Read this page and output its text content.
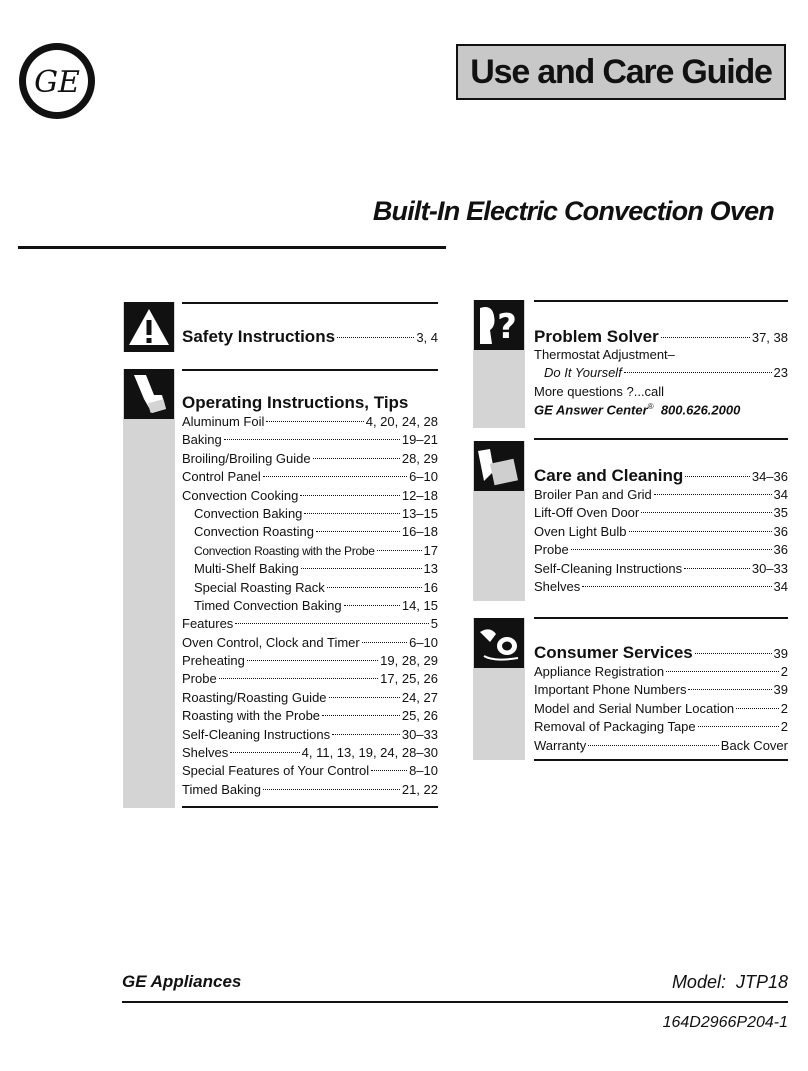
GE	Use and Care Guide
Built-In Electric Convection Oven
Safety Instructions	3, 4
Operating Instructions, Tips
Aluminum Foil	4, 20, 24, 28
Baking	19–21
Broiling/Broiling Guide	28, 29
Control Panel	6–10
Convection Cooking	12–18
Convection Baking	13–15
Convection Roasting	16–18
Convection Roasting with the Probe	17
Multi-Shelf Baking	13
Special Roasting Rack	16
Timed Convection Baking	14, 15
Features	5
Oven Control, Clock and Timer	6–10
Preheating	19, 28, 29
Probe	17, 25, 26
Roasting/Roasting Guide	24, 27
Roasting with the Probe	25, 26
Self-Cleaning Instructions	30–33
Shelves	4, 11, 13, 19, 24, 28–30
Special Features of Your Control	8–10
Timed Baking	21, 22
? Problem Solver	37, 38
Thermostat Adjustment–
Do It Yourself	23
More questions ?...call
GE Answer Center® 800.626.2000
Care and Cleaning	34–36
Broiler Pan and Grid	34
Lift-Off Oven Door	35
Oven Light Bulb	36
Probe	36
Self-Cleaning Instructions	30–33
Shelves	34
Consumer Services	39
Appliance Registration	2
Important Phone Numbers	39
Model and Serial Number Location	2
Removal of Packaging Tape	2
Warranty	Back Cover
GE Appliances	Model:  JTP18
164D2966P204-1
